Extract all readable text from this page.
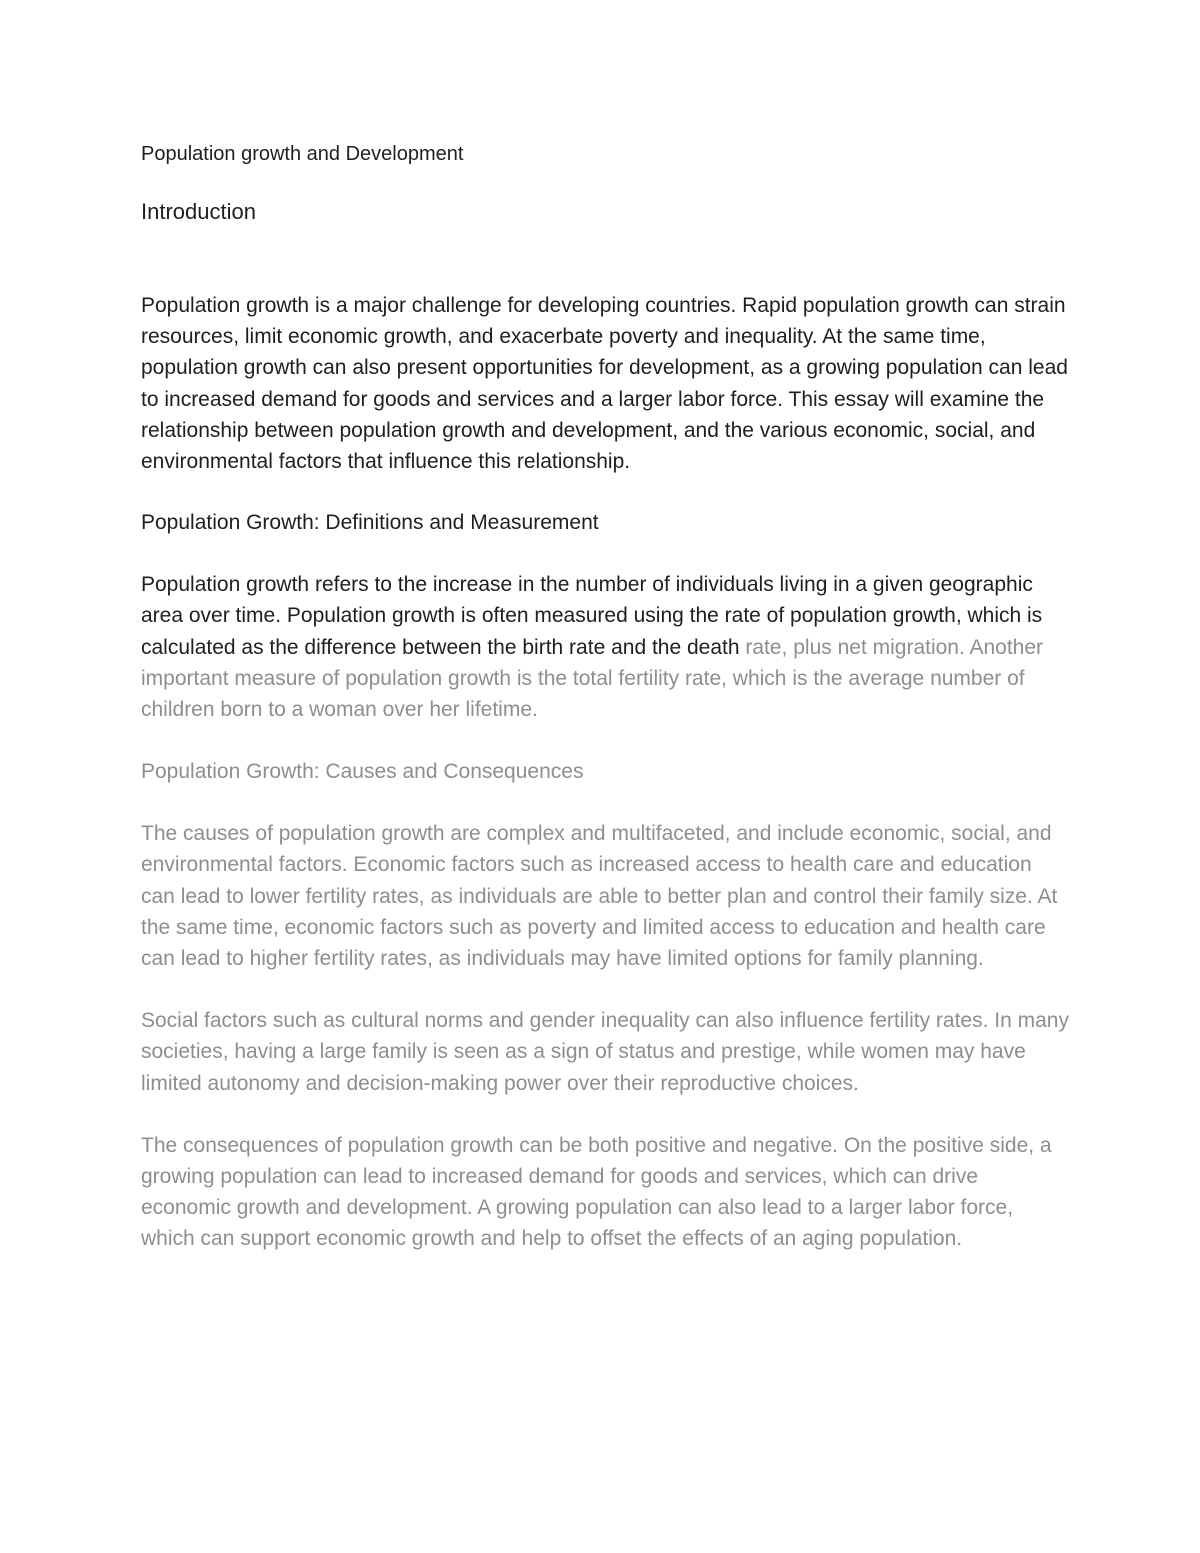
Population growth and Development
Introduction

Population growth is a major challenge for developing countries. Rapid population growth can strain resources, limit economic growth, and exacerbate poverty and inequality. At the same time, population growth can also present opportunities for development, as a growing population can lead to increased demand for goods and services and a larger labor force. This essay will examine the relationship between population growth and development, and the various economic, social, and environmental factors that influence this relationship.

Population Growth: Definitions and Measurement

Population growth refers to the increase in the number of individuals living in a given geographic area over time. Population growth is often measured using the rate of population growth, which is calculated as the difference between the birth rate and the death rate, plus net migration. Another important measure of population growth is the total fertility rate, which is the average number of children born to a woman over her lifetime.

Population Growth: Causes and Consequences

The causes of population growth are complex and multifaceted, and include economic, social, and environmental factors. Economic factors such as increased access to health care and education can lead to lower fertility rates, as individuals are able to better plan and control their family size. At the same time, economic factors such as poverty and limited access to education and health care can lead to higher fertility rates, as individuals may have limited options for family planning.

Social factors such as cultural norms and gender inequality can also influence fertility rates. In many societies, having a large family is seen as a sign of status and prestige, while women may have limited autonomy and decision-making power over their reproductive choices.

The consequences of population growth can be both positive and negative. On the positive side, a growing population can lead to increased demand for goods and services, which can drive economic growth and development. A growing population can also lead to a larger labor force, which can support economic growth and help to offset the effects of an aging population.
